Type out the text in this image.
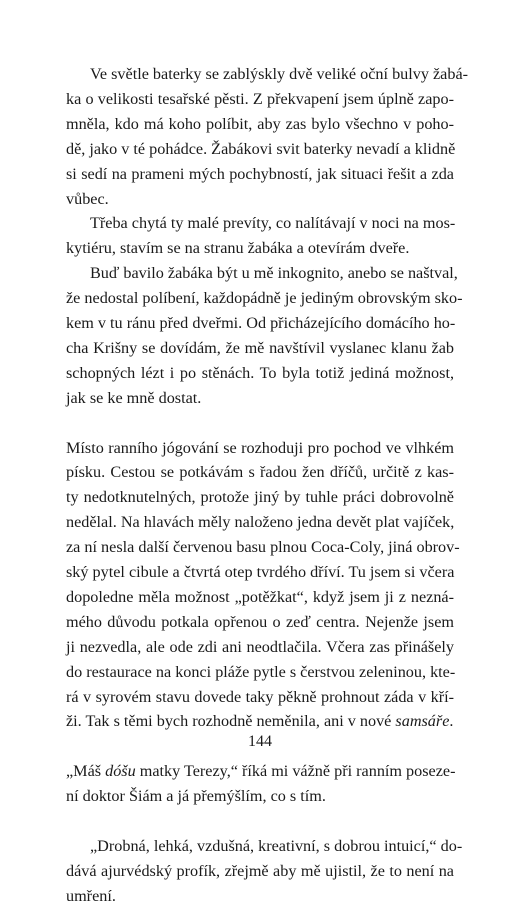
Ve světle baterky se zablýskly dvě veliké oční bulvy žabá-
ka o velikosti tesařské pěsti. Z překvapení jsem úplně zapo-
mněla, kdo má koho políbit, aby zas bylo všechno v poho-
dě, jako v té pohádce. Žabákovi svit baterky nevadí a klidně
si sedí na prameni mých pochybností, jak situaci řešit a zda
vůbec.
Třeba chytá ty malé prevíty, co nalítávají v noci na mos-
kytiéru, stavím se na stranu žabáka a otevírám dveře.
Buď bavilo žabáka být u mě inkognito, anebo se naštval,
že nedostal políbení, každopádně je jediným obrovským sko-
kem v tu ránu před dveřmi. Od přicházejícího domácího ho-
cha Krišny se dovídám, že mě navštívil vyslanec klanu žab
schopných lézt i po stěnách. To byla totiž jediná možnost,
jak se ke mně dostat.
Místo ranního jógování se rozhoduji pro pochod ve vlhkém
písku. Cestou se potkávám s řadou žen dříčů, určitě z kas-
ty nedotknutelných, protože jiný by tuhle práci dobrovolně
nedělal. Na hlavách měly naloženo jedna devět plat vajíček,
za ní nesla další červenou basu plnou Coca-Coly, jiná obrov-
ský pytel cibule a čtvrtá otep tvrdého dříví. Tu jsem si včera
dopoledne měla možnost „potěžkat“, když jsem ji z nezná-
mého důvodu potkala opřenou o zeď centra. Nejenže jsem
ji nezvedla, ale ode zdi ani neodtlačila. Včera zas přinášely
do restaurace na konci pláže pytle s čerstvou zeleninou, kte-
rá v syrovém stavu dovede taky pěkně prohnout záda v kří-
ži. Tak s těmi bych rozhodně neměnila, ani v nové samsáře.
„Máš dóšu matky Terezy,“ říká mi vážně při ranním poseze-
ní doktor Šiám a já přemýšlím, co s tím.
„Drobná, lehká, vzdušná, kreativní, s dobrou intuicí,“ do-
dává ajurvédský profík, zřejmě aby mě ujistil, že to není na
umření.
144
